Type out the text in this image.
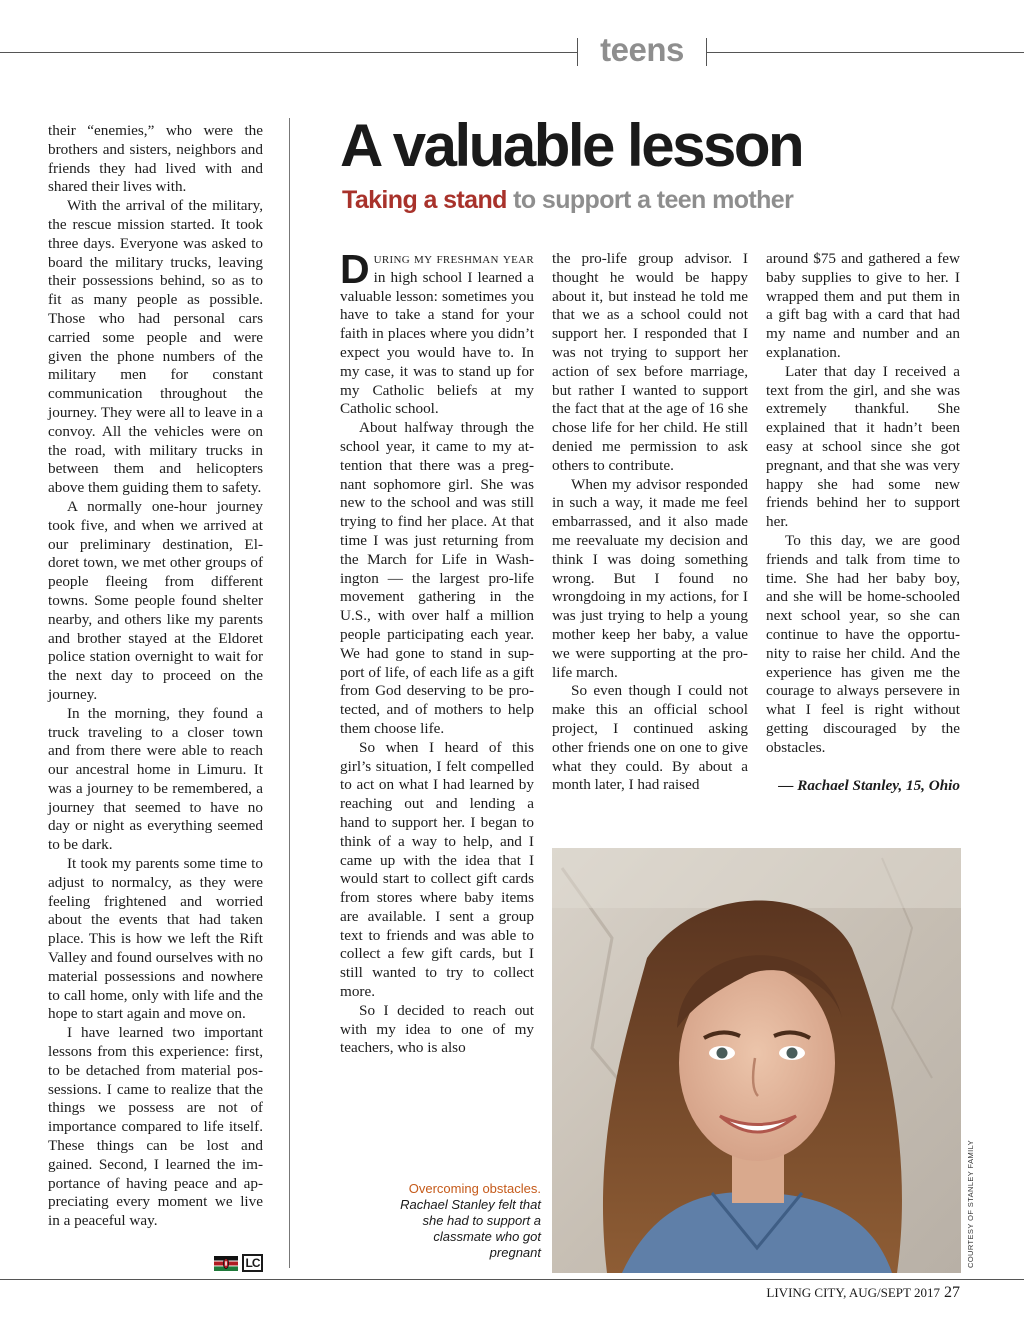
teens

their “enemies,” who were the brothers and sisters, neighbors and friends they had lived with and shared their lives with.

With the arrival of the military, the rescue mission started. It took three days. Everyone was asked to board the military trucks, leaving their possessions behind, so as to fit as many people as possible. Those who had personal cars carried some people and were given the phone numbers of the military men for constant communication throughout the journey. They were all to leave in a convoy. All the vehicles were on the road, with military trucks in between them and helicopters above them guiding them to safety.

A normally one-hour journey took five, and when we arrived at our preliminary destination, Eldoret town, we met other groups of people fleeing from different towns. Some people found shelter nearby, and others like my parents and brother stayed at the Eldoret police station overnight to wait for the next day to proceed on the journey.

In the morning, they found a truck traveling to a closer town and from there were able to reach our ancestral home in Limuru. It was a journey to be remembered, a journey that seemed to have no day or night as everything seemed to be dark.

It took my parents some time to adjust to normalcy, as they were feeling frightened and worried about the events that had taken place. This is how we left the Rift Valley and found ourselves with no material possessions and nowhere to call home, only with life and the hope to start again and move on.

I have learned two important lessons from this experience: first, to be detached from material possessions. I came to realize that the things we possess are not of importance compared to life itself. These things can be lost and gained. Second, I learned the importance of having peace and appreciating every moment we live in a peaceful way.

LC
A valuable lesson
Taking a stand to support a teen mother

During my freshman year in high school I learned a valuable lesson: sometimes you have to take a stand for your faith in places where you didn’t expect you would have to. In my case, it was to stand up for my Catholic beliefs at my Catholic school.

About halfway through the school year, it came to my attention that there was a pregnant sophomore girl. She was new to the school and was still trying to find her place. At that time I was just returning from the March for Life in Washington — the largest pro-life movement gathering in the U.S., with over half a million people participating each year. We had gone to stand in support of life, of each life as a gift from God deserving to be protected, and of mothers to help them choose life.

So when I heard of this girl’s situation, I felt compelled to act on what I had learned by reaching out and lending a hand to support her. I began to think of a way to help, and I came up with the idea that I would start to collect gift cards from stores where baby items are available. I sent a group text to friends and was able to collect a few gift cards, but I still wanted to try to collect more.

So I decided to reach out with my idea to one of my teachers, who is also

the pro-life group advisor. I thought he would be happy about it, but instead he told me that we as a school could not support her. I responded that I was not trying to support her action of sex before marriage, but rather I wanted to support the fact that at the age of 16 she chose life for her child. He still denied me permission to ask others to contribute.

When my advisor responded in such a way, it made me feel embarrassed, and it also made me reevaluate my decision and think I was doing something wrong. But I found no wrongdoing in my actions, for I was just trying to help a young mother keep her baby, a value we were supporting at the pro-life march.

So even though I could not make this an official school project, I continued asking other friends one on one to give what they could. By about a month later, I had raised

around $75 and gathered a few baby supplies to give to her. I wrapped them and put them in a gift bag with a card that had my name and number and an explanation.

Later that day I received a text from the girl, and she was extremely thankful. She explained that it hadn’t been easy at school since she got pregnant, and that she was very happy she had some new friends behind her to support her.

To this day, we are good friends and talk from time to time. She had her baby boy, and she will be home-schooled next school year, so she can continue to have the opportunity to raise her child. And the experience has given me the courage to always persevere in what I feel is right without getting discouraged by the obstacles.

— Rachael Stanley, 15, Ohio
COURTESY OF STANLEY FAMILY
Overcoming obstacles. Rachael Stanley felt that she had to support a classmate who got pregnant
LIVING CITY, AUG/SEPT 2017 27
